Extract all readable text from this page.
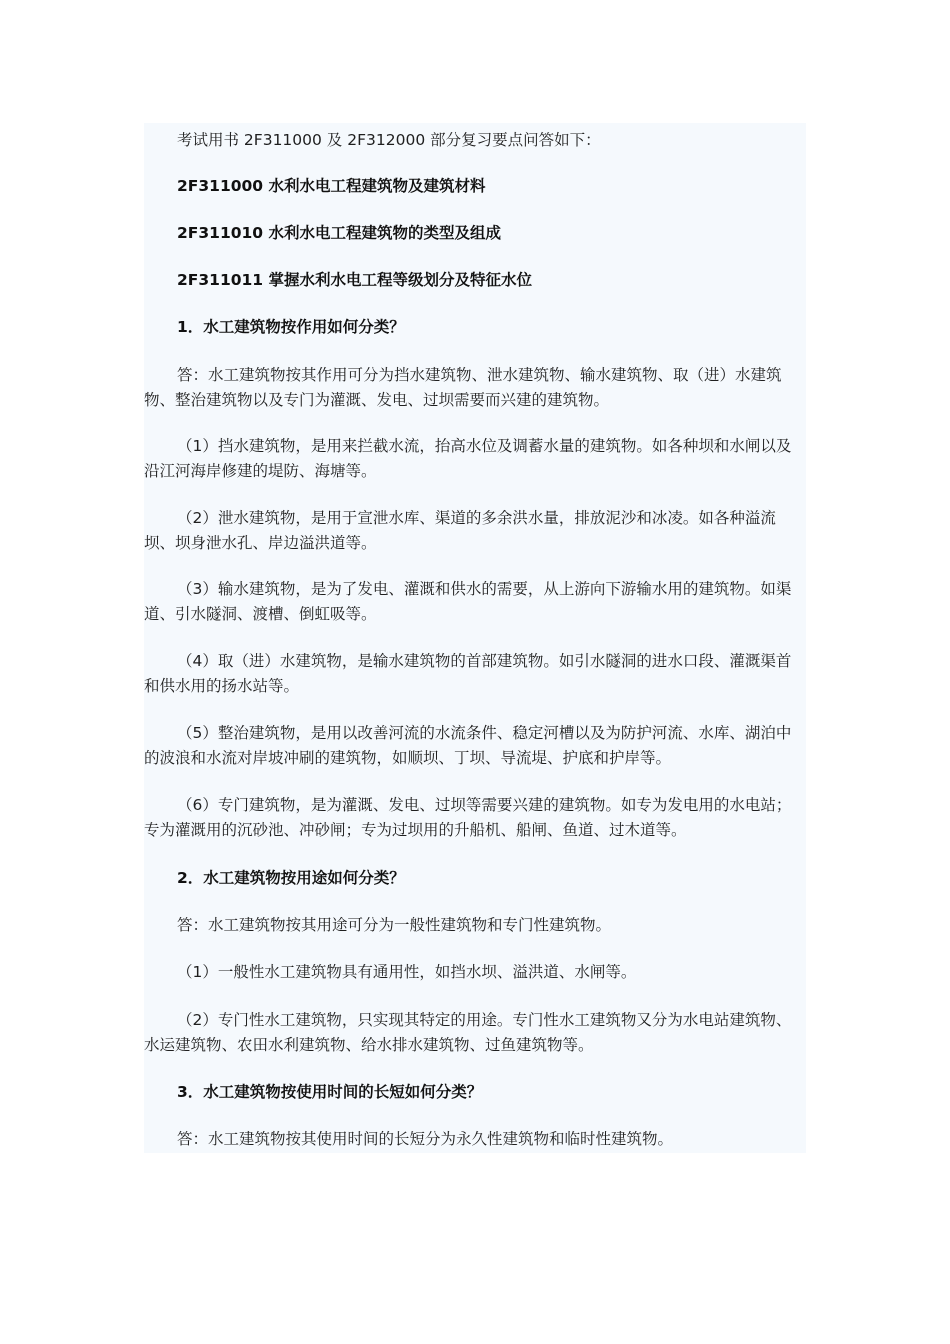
考试用书 2F311000 及 2F312000 部分复习要点问答如下：

2F311000 水利水电工程建筑物及建筑材料

2F311010 水利水电工程建筑物的类型及组成

2F311011 掌握水利水电工程等级划分及特征水位

1．水工建筑物按作用如何分类？

答：水工建筑物按其作用可分为挡水建筑物、泄水建筑物、输水建筑物、取（进）水建筑物、整治建筑物以及专门为灌溉、发电、过坝需要而兴建的建筑物。

（1）挡水建筑物，是用来拦截水流，抬高水位及调蓄水量的建筑物。如各种坝和水闸以及沿江河海岸修建的堤防、海塘等。

（2）泄水建筑物，是用于宣泄水库、渠道的多余洪水量，排放泥沙和冰凌。如各种溢流坝、坝身泄水孔、岸边溢洪道等。

（3）输水建筑物，是为了发电、灌溉和供水的需要，从上游向下游输水用的建筑物。如渠道、引水隧洞、渡槽、倒虹吸等。

（4）取（进）水建筑物，是输水建筑物的首部建筑物。如引水隧洞的进水口段、灌溉渠首和供水用的扬水站等。

（5）整治建筑物，是用以改善河流的水流条件、稳定河槽以及为防护河流、水库、湖泊中的波浪和水流对岸坡冲刷的建筑物，如顺坝、丁坝、导流堤、护底和护岸等。

（6）专门建筑物，是为灌溉、发电、过坝等需要兴建的建筑物。如专为发电用的水电站；专为灌溉用的沉砂池、冲砂闸；专为过坝用的升船机、船闸、鱼道、过木道等。

2．水工建筑物按用途如何分类？

答：水工建筑物按其用途可分为一般性建筑物和专门性建筑物。

（1）一般性水工建筑物具有通用性，如挡水坝、溢洪道、水闸等。

（2）专门性水工建筑物，只实现其特定的用途。专门性水工建筑物又分为水电站建筑物、水运建筑物、农田水利建筑物、给水排水建筑物、过鱼建筑物等。

3．水工建筑物按使用时间的长短如何分类？

答：水工建筑物按其使用时间的长短分为永久性建筑物和临时性建筑物。
